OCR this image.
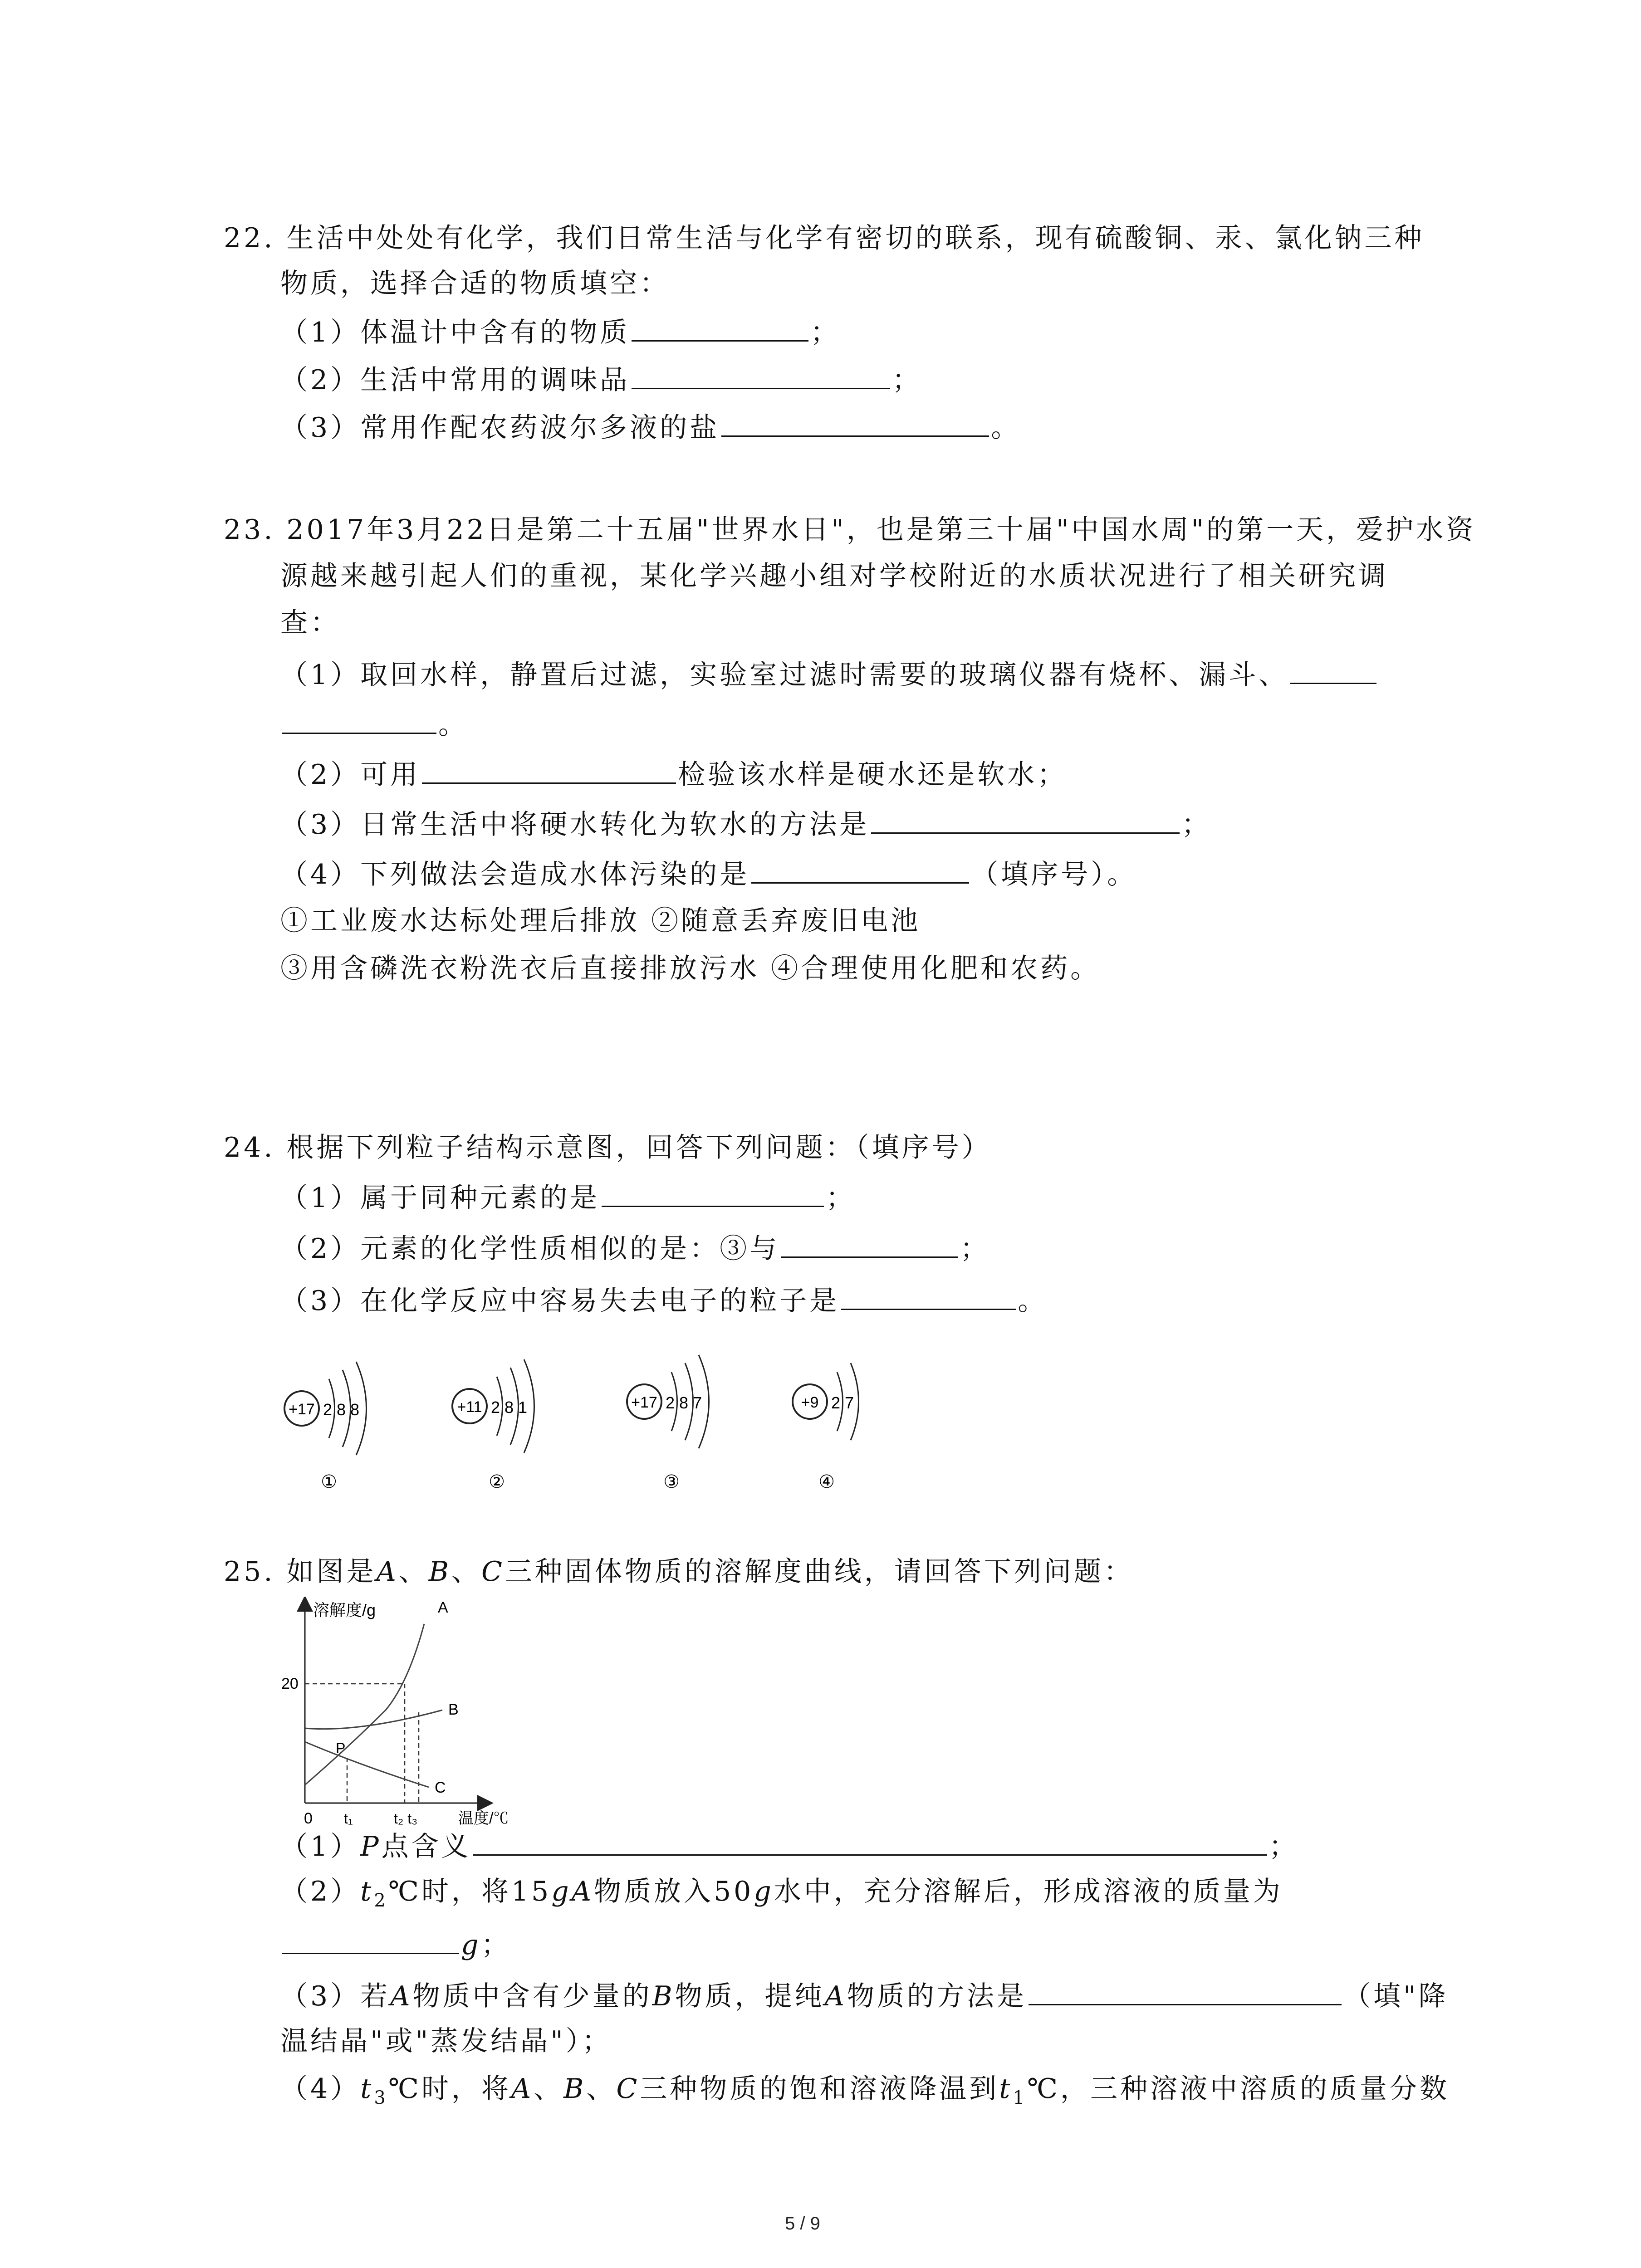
22. 生活中处处有化学，我们日常生活与化学有密切的联系，现有硫酸铜、汞、氯化钠三种
物质，选择合适的物质填空：
（1）体温计中含有的物质	；
（2）生活中常用的调味品	；
（3）常用作配农药波尔多液的盐	。
23. 2017年3月22日是第二十五届"世界水日"，也是第三十届"中国水周"的第一天，爱护水资
源越来越引起人们的重视，某化学兴趣小组对学校附近的水质状况进行了相关研究调
查：
（1）取回水样，静置后过滤，实验室过滤时需要的玻璃仪器有烧杯、漏斗、
。
（2）可用	检验该水样是硬水还是软水；
（3）日常生活中将硬水转化为软水的方法是	；
（4）下列做法会造成水体污染的是	（填序号）。
①工业废水达标处理后排放 ②随意丢弃废旧电池
③用含磷洗衣粉洗衣后直接排放污水 ④合理使用化肥和农药。
24. 根据下列粒子结构示意图，回答下列问题：（填序号）
（1）属于同种元素的是	；
（2）元素的化学性质相似的是：③与	；
（3）在化学反应中容易失去电子的粒子是	。
+17 2 8 8
①
+11 2 8 1
②
+17 2 8 7
③
+9 2 7
④
25. 如图是A、B、C三种固体物质的溶解度曲线，请回答下列问题：
溶解度/g
温度/℃
20
0 t₁	t₂ t₃
A
B
C
P
（1）P点含义	；
$(2)t_2℃$时，将15gA物质放入50g水中，充分溶解后，形成溶液的质量为
g；
（3）若A物质中含有少量的B物质，提纯A物质的方法是	（填"降
温结晶"或"蒸发结晶"）；
$(4)t_3℃$时，将A、B、C三种物质的饱和溶液降温到$t_1℃$，三种溶液中溶质的质量分数
5 / 9
